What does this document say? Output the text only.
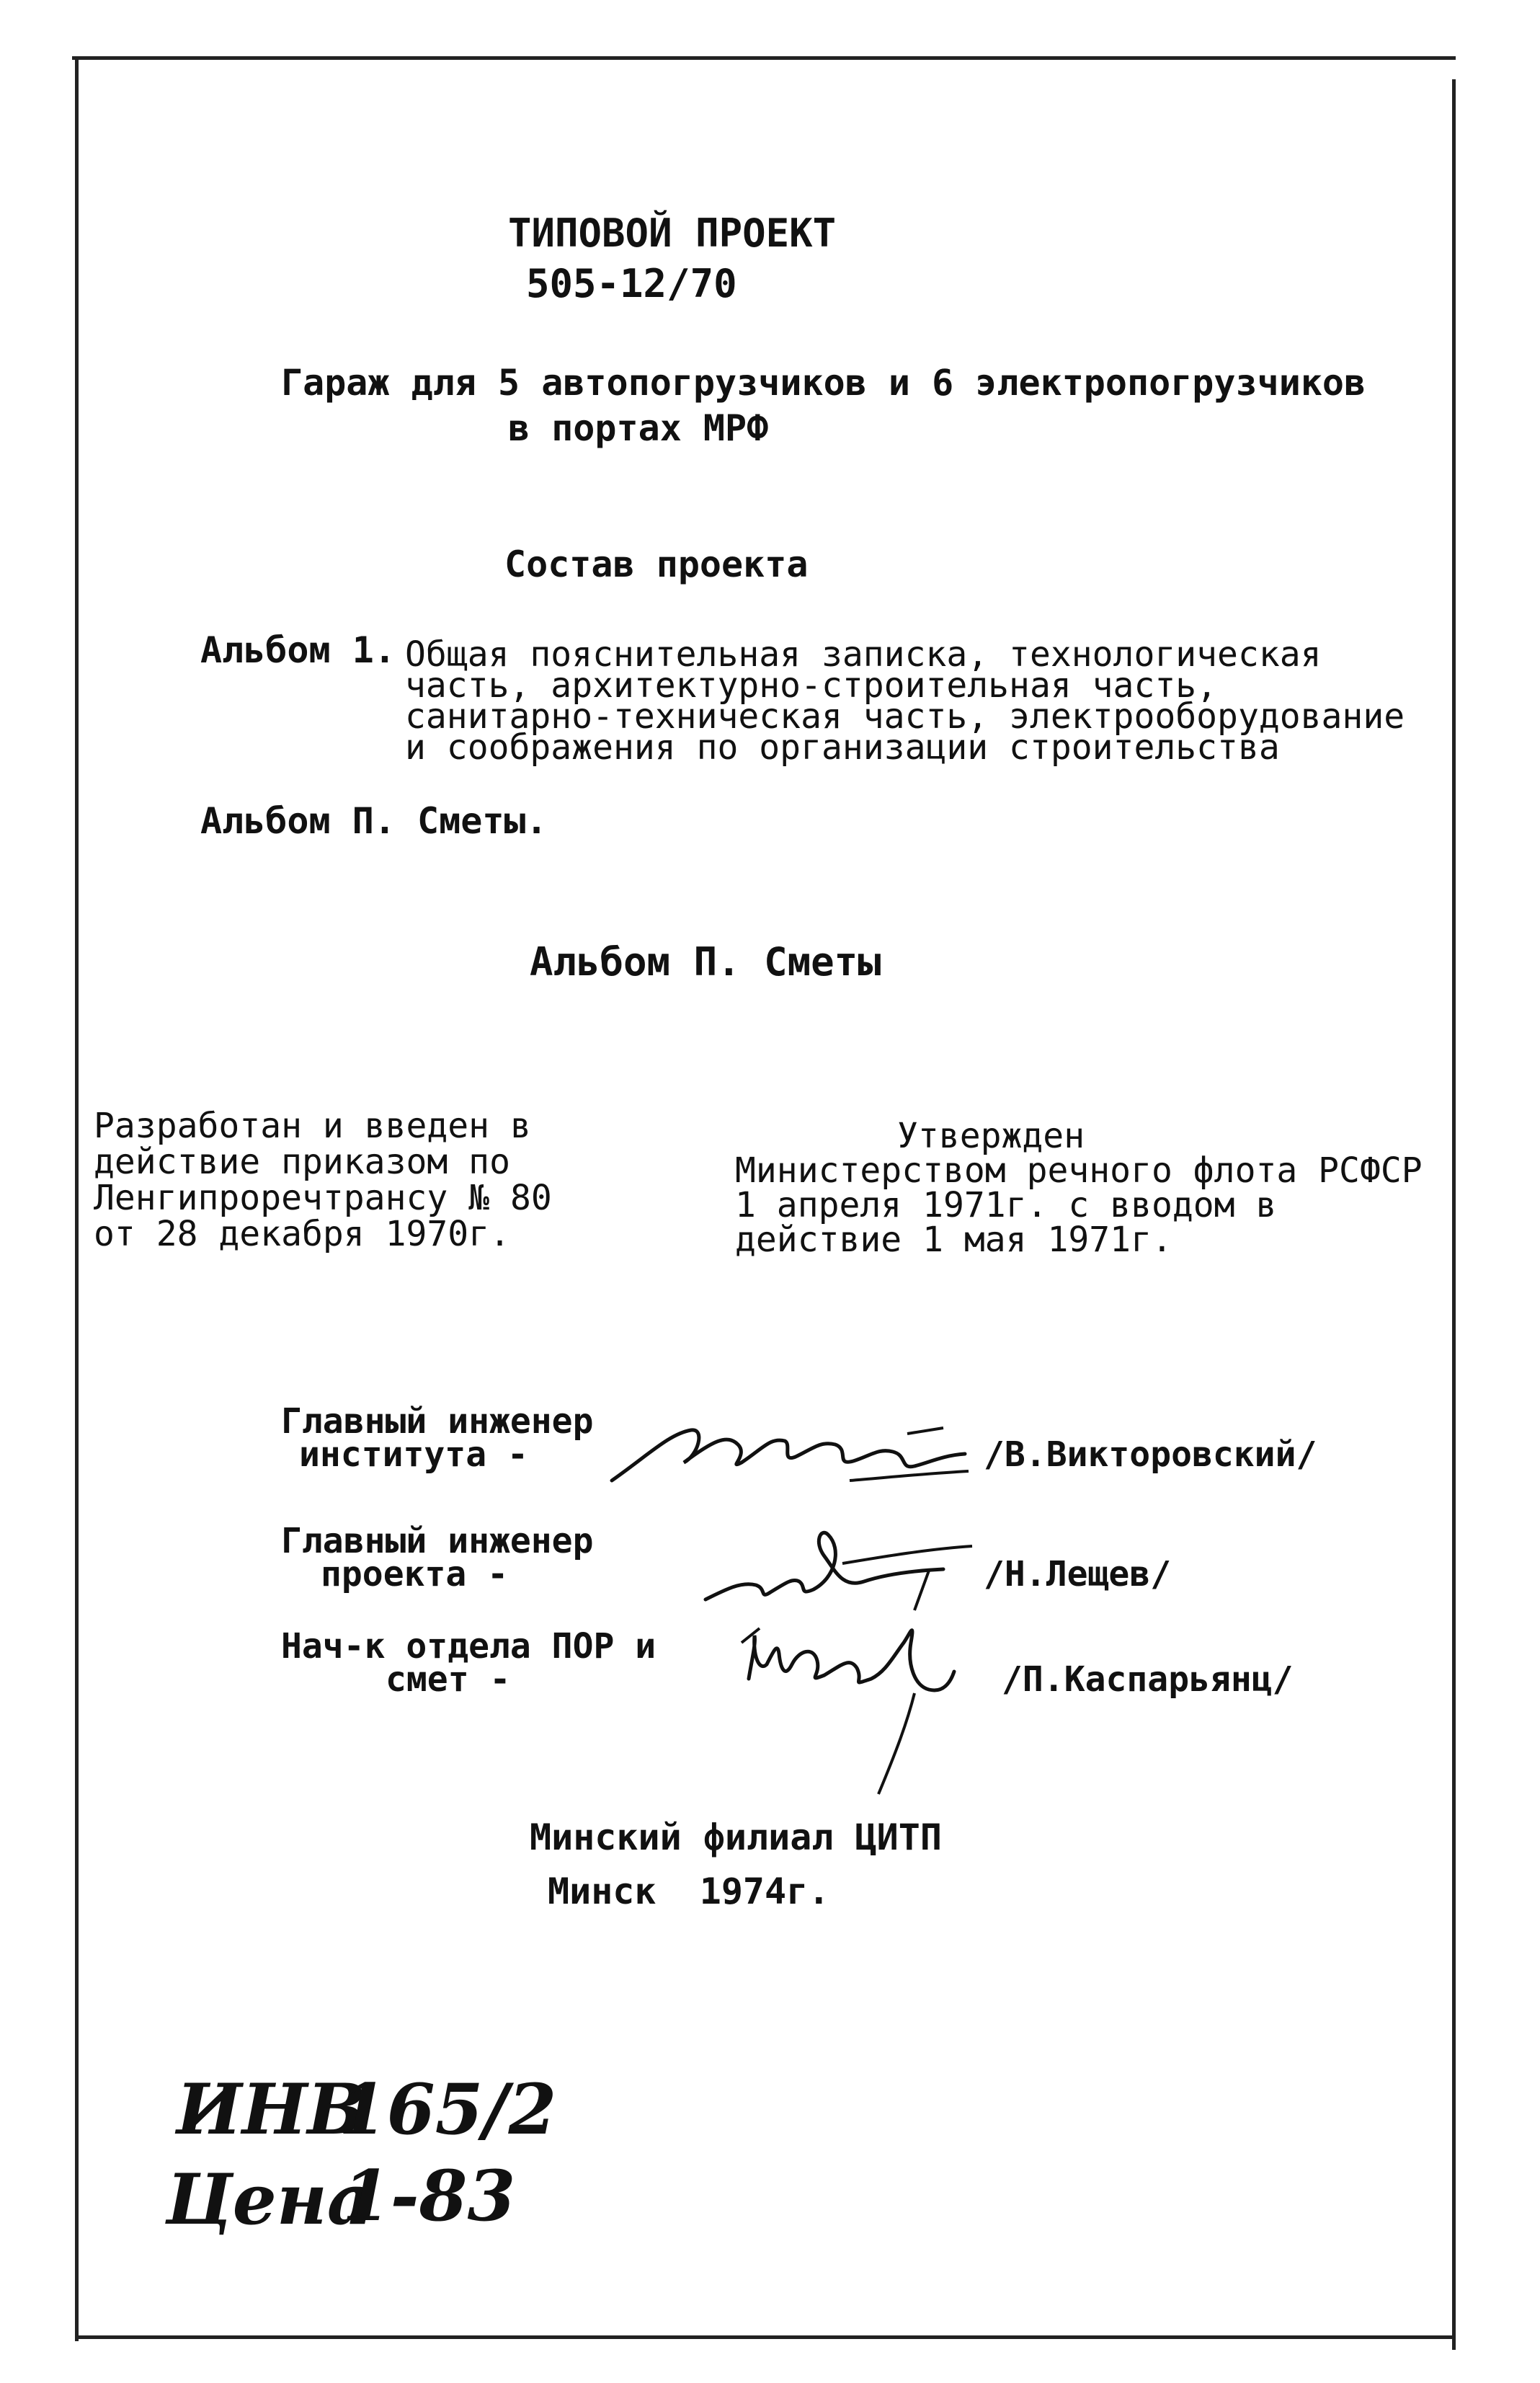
ТИПОВОЙ ПРОЕКТ
505-12/70
Гараж для 5 автопогрузчиков и 6 электропогрузчиков
в портах МРФ
Состав проекта
Альбом 1. Общая пояснительная записка, технологическая
часть, архитектурно-строительная часть,
санитарно-техническая часть, электрооборудование
и соображения по организации строительства
Альбом П. Сметы.
Альбом П. Сметы
Разработан и введен в
действие приказом по
Ленгипроречтрансу № 80
от 28 декабря 1970г.
Утвержден
Министерством речного флота РСФСР
1 апреля 1971г. с вводом в
действие 1 мая 1971г.
Главный инженер
института -

	/В.Викторовский/
Главный инженер
проекта -

	/Н.Лещев/
Нач-к отдела ПОР и
смет -

	/П.Каспарьянц/
Минский филиал ЦИТП
Минск  1974г.
ИНВ
165/2
Цена
1-83
